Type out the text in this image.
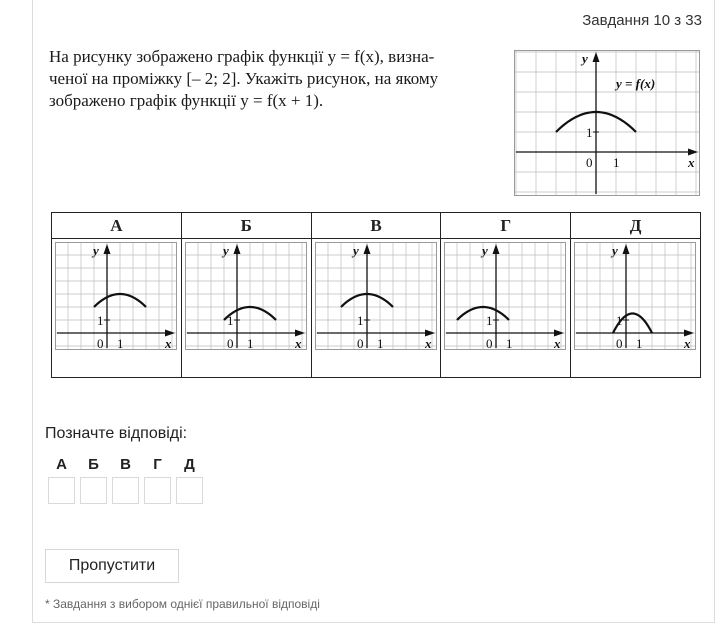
Завдання 10 з 33
На рисунку зображено графік функції y = f(x), визна-
ченої на проміжку [– 2; 2]. Укажіть рисунок, на якому
зображено графік функції y = f(x + 1).
y
x
0 1
1
y = f(x)
А
y
x
0 1
1
Б
y
x
0 1
1
В
y
x
0 1
1
Г
y
x
0 1
1
Д
y
x
0 1
1
Позначте відповіді:
А Б В Г Д
Пропустити
* Завдання з вибором однієї правильної відповіді
